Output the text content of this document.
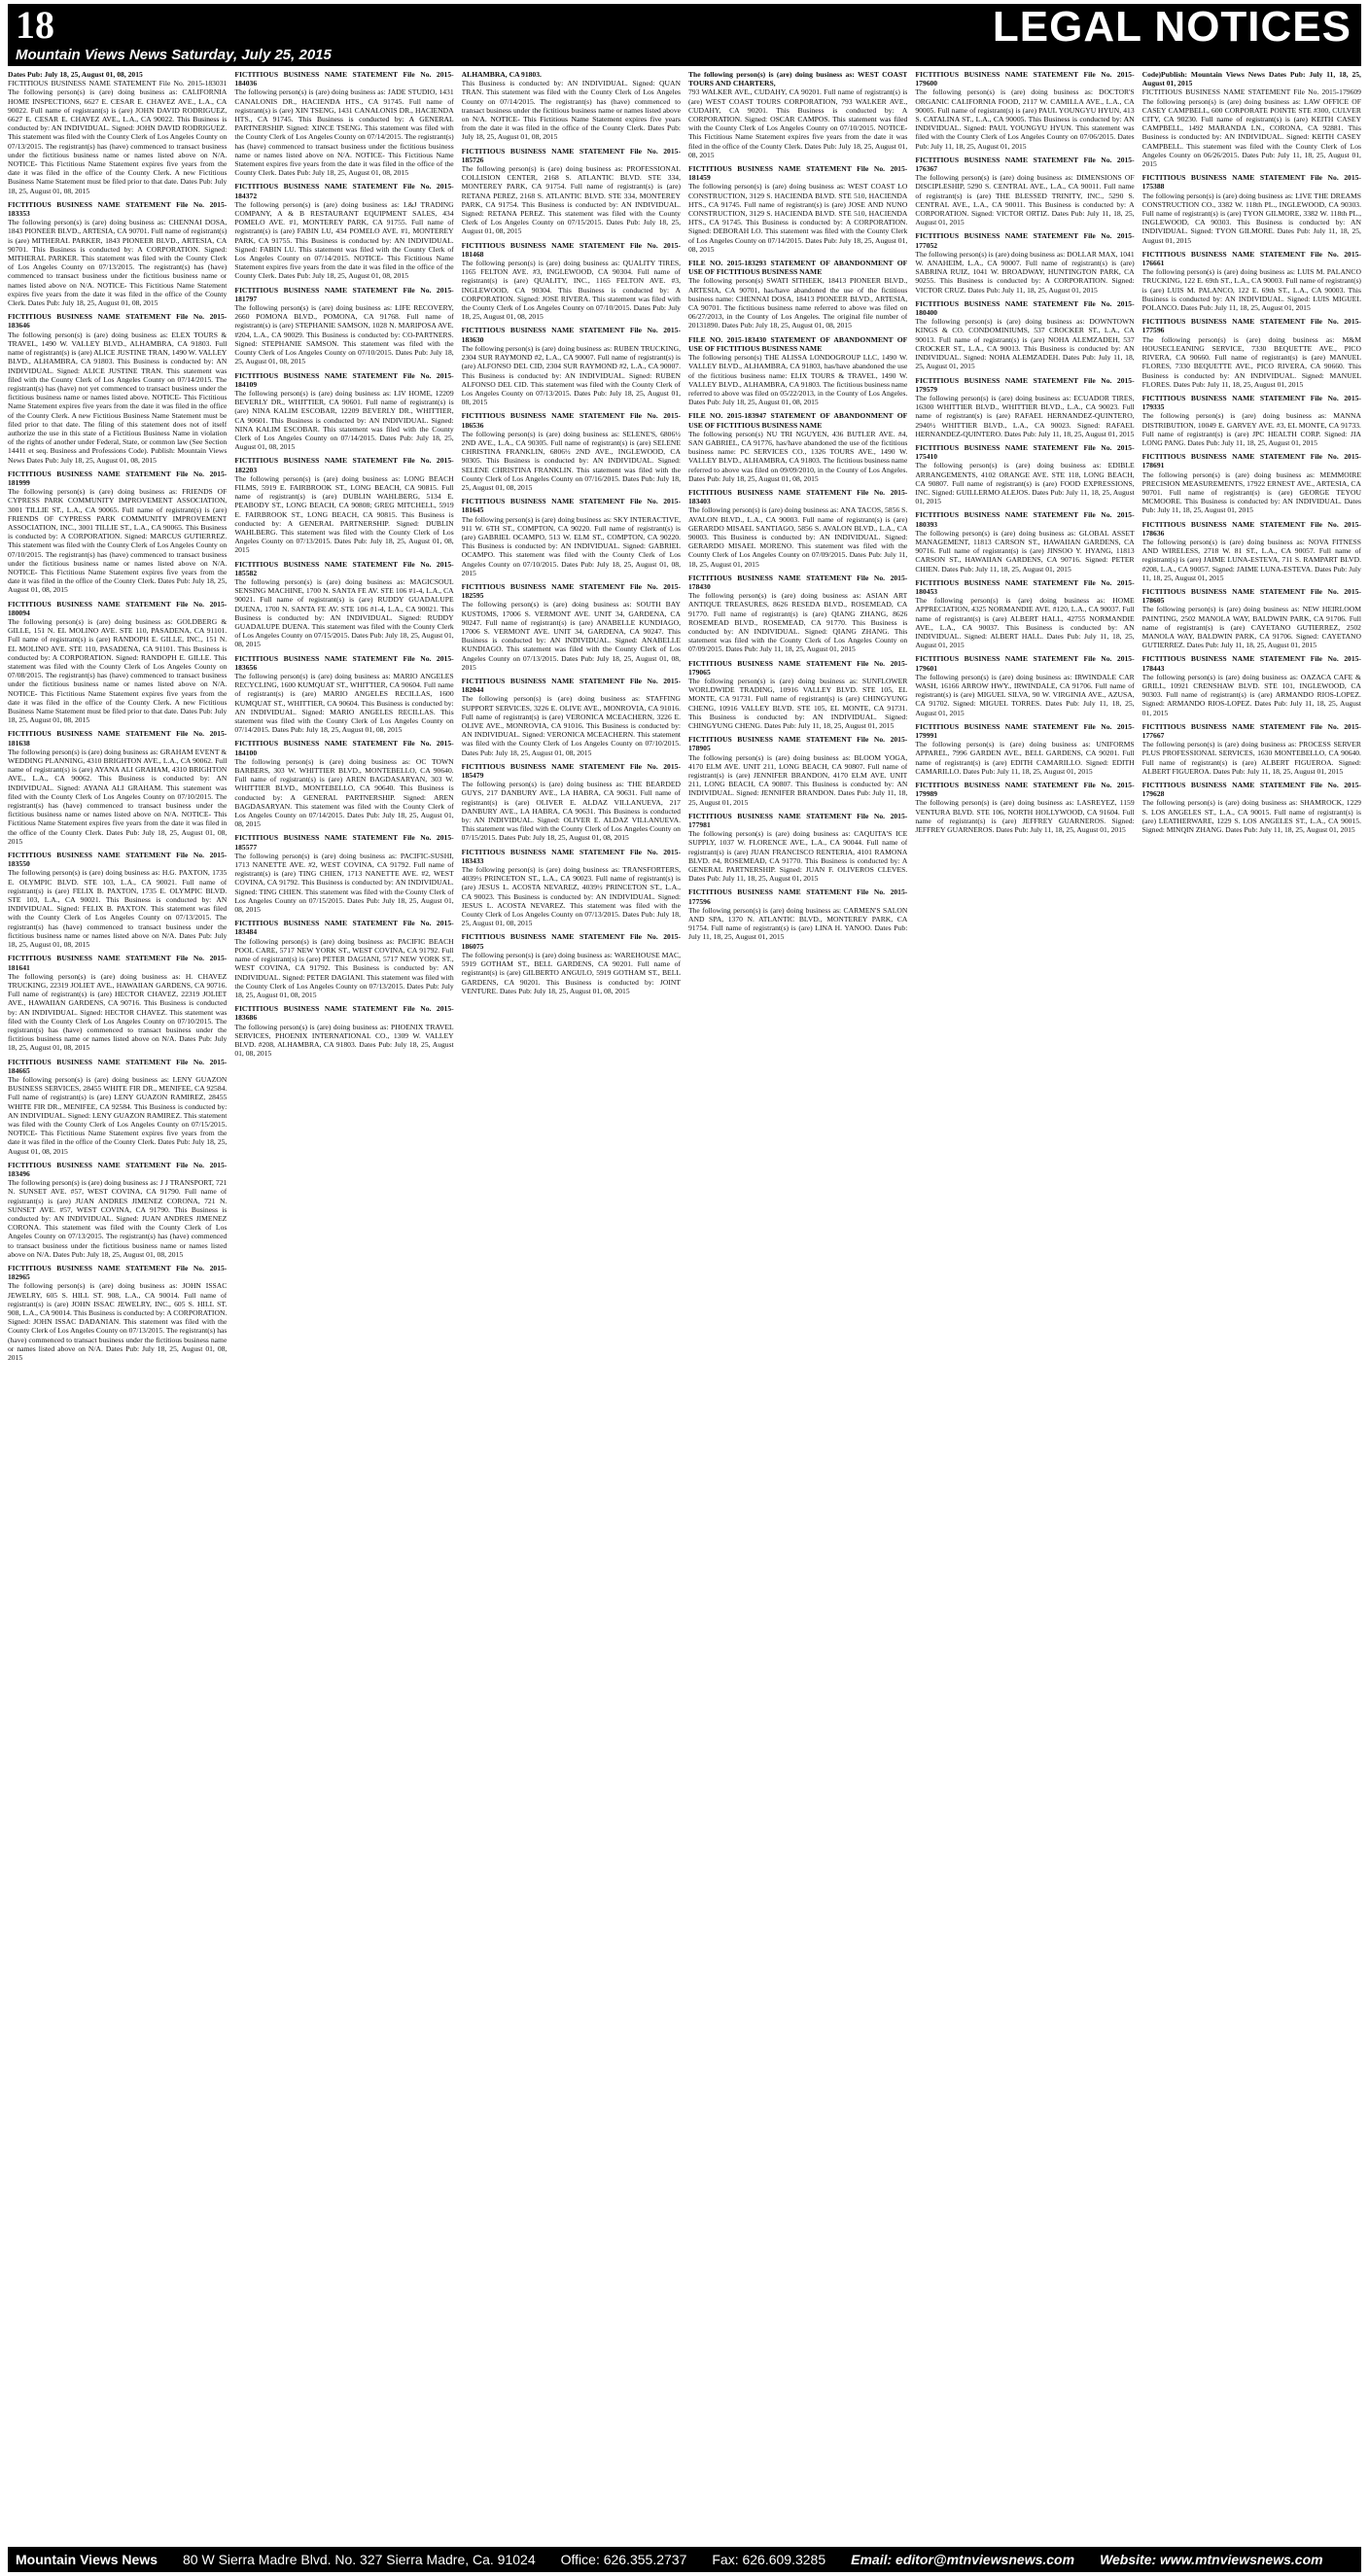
18	LEGAL NOTICES
Mountain Views News Saturday, July 25, 2015

Dates Pub: July 18, 25, August 01, 08, 2015

FICTITIOUS BUSINESS NAME STATEMENT File No. 2015-183031 The following person(s) is (are) doing business as: CALIFORNIA HOME INSPECTIONS, 6627 E. CESAR E. CHAVEZ AVE., L.A., CA 90022. Full name of registrant(s) is (are) JOHN DAVID RODRIGUEZ, 6627 E. CESAR E. CHAVEZ AVE., L.A., CA 90022. This Business is conducted by: AN INDIVIDUAL. Signed: JOHN DAVID RODRIGUEZ. This statement was filed with the County Clerk of Los Angeles County on 07/13/2015. The registrant(s) has (have) commenced to transact business under the fictitious business name or names listed above on N/A. NOTICE- This Fictitious Name Statement expires five years from the date it was filed in the office of the County Clerk. A new Fictitious Business Name Statement must be filed prior to that date. Dates Pub: July 18, 25, August 01, 08, 2015

FICTITIOUS BUSINESS NAME STATEMENT File No. 2015-183353

The following person(s) is (are) doing business as: CHENNAI DOSA, 1843 PIONEER BLVD., ARTESIA, CA 90701. Full name of registrant(s) is (are) MITHERAL PARKER, 1843 PIONEER BLVD., ARTESIA, CA 90701. This Business is conducted by: A CORPORATION. Signed: MITHERAL PARKER. This statement was filed with the County Clerk of Los Angeles County on 07/13/2015. The registrant(s) has (have) commenced to transact business under the fictitious business name or names listed above on N/A. NOTICE- This Fictitious Name Statement expires five years from the date it was filed in the office of the County Clerk. Dates Pub: July 18, 25, August 01, 08, 2015

FICTITIOUS BUSINESS NAME STATEMENT File No. 2015-183646

The following person(s) is (are) doing business as: ELEX TOURS & TRAVEL, 1490 W. VALLEY BLVD., ALHAMBRA, CA 91803. Full name of registrant(s) is (are) ALICE JUSTINE TRAN, 1490 W. VALLEY BLVD., ALHAMBRA, CA 91803. This Business is conducted by: AN INDIVIDUAL. Signed: ALICE JUSTINE TRAN. This statement was filed with the County Clerk of Los Angeles County on 07/14/2015. The registrant(s) has (have) not yet commenced to transact business under the fictitious business name or names listed above. NOTICE- This Fictitious Name Statement expires five years from the date it was filed in the office of the County Clerk. A new Fictitious Business Name Statement must be filed prior to that date. The filing of this statement does not of itself authorize the use in this state of a Fictitious Business Name in violation of the rights of another under Federal, State, or common law (See Section 14411 et seq. Business and Professions Code). Publish: Mountain Views News Dates Pub: July 18, 25, August 01, 08, 2015

FICTITIOUS BUSINESS NAME STATEMENT File No. 2015-181999

The following person(s) is (are) doing business as: FRIENDS OF CYPRESS PARK COMMUNITY IMPROVEMENT ASSOCIATION, 3001 TILLIE ST., L.A., CA 90065. Full name of registrant(s) is (are) FRIENDS OF CYPRESS PARK COMMUNITY IMPROVEMENT ASSOCIATION, INC., 3001 TILLIE ST., L.A., CA 90065. This Business is conducted by: A CORPORATION. Signed: MARCUS GUTIERREZ. This statement was filed with the County Clerk of Los Angeles County on 07/10/2015. The registrant(s) has (have) commenced to transact business under the fictitious business name or names listed above on N/A. NOTICE- This Fictitious Name Statement expires five years from the date it was filed in the office of the County Clerk. Dates Pub: July 18, 25, August 01, 08, 2015

FICTITIOUS BUSINESS NAME STATEMENT File No. 2015-180094

The following person(s) is (are) doing business as: GOLDBERG & GILLE, 151 N. EL MOLINO AVE. STE 110, PASADENA, CA 91101. Full name of registrant(s) is (are) RANDOPH E. GILLE, INC., 151 N. EL MOLINO AVE. STE 110, PASADENA, CA 91101. This Business is conducted by: A CORPORATION. Signed: RANDOPH E. GILLE. This statement was filed with the County Clerk of Los Angeles County on 07/08/2015. The registrant(s) has (have) commenced to transact business under the fictitious business name or names listed above on N/A. NOTICE- This Fictitious Name Statement expires five years from the date it was filed in the office of the County Clerk. A new Fictitious Business Name Statement must be filed prior to that date. Dates Pub: July 18, 25, August 01, 08, 2015

FICTITIOUS BUSINESS NAME STATEMENT File No. 2015-181638

The following person(s) is (are) doing business as: GRAHAM EVENT & WEDDING PLANNING, 4310 BRIGHTON AVE., L.A., CA 90062. Full name of registrant(s) is (are) AYANA ALI GRAHAM, 4310 BRIGHTON AVE., L.A., CA 90062. This Business is conducted by: AN INDIVIDUAL. Signed: AYANA ALI GRAHAM. This statement was filed with the County Clerk of Los Angeles County on 07/10/2015. The registrant(s) has (have) commenced to transact business under the fictitious business name or names listed above on N/A. NOTICE- This Fictitious Name Statement expires five years from the date it was filed in the office of the County Clerk. Dates Pub: July 18, 25, August 01, 08, 2015

FICTITIOUS BUSINESS NAME STATEMENT File No. 2015-183550

The following person(s) is (are) doing business as: H.G. PAXTON, 1735 E. OLYMPIC BLVD. STE 103, L.A., CA 90021. Full name of registrant(s) is (are) FELIX B. PAXTON, 1735 E. OLYMPIC BLVD. STE 103, L.A., CA 90021. This Business is conducted by: AN INDIVIDUAL. Signed: FELIX B. PAXTON. This statement was filed with the County Clerk of Los Angeles County on 07/13/2015. The registrant(s) has (have) commenced to transact business under the fictitious business name or names listed above on N/A. Dates Pub: July 18, 25, August 01, 08, 2015

FICTITIOUS BUSINESS NAME STATEMENT File No. 2015-181641

The following person(s) is (are) doing business as: H. CHAVEZ TRUCKING, 22319 JOLIET AVE., HAWAIIAN GARDENS, CA 90716. Full name of registrant(s) is (are) HECTOR CHAVEZ, 22319 JOLIET AVE., HAWAIIAN GARDENS, CA 90716. This Business is conducted by: AN INDIVIDUAL. Signed: HECTOR CHAVEZ. This statement was filed with the County Clerk of Los Angeles County on 07/10/2015. The registrant(s) has (have) commenced to transact business under the fictitious business name or names listed above on N/A. Dates Pub: July 18, 25, August 01, 08, 2015

FICTITIOUS BUSINESS NAME STATEMENT File No. 2015-184665

The following person(s) is (are) doing business as: LENY GUAZON BUSINESS SERVICES, 28455 WHITE FIR DR., MENIFEE, CA 92584. Full name of registrant(s) is (are) LENY GUAZON RAMIREZ, 28455 WHITE FIR DR., MENIFEE, CA 92584. This Business is conducted by: AN INDIVIDUAL. Signed: LENY GUAZON RAMIREZ. This statement was filed with the County Clerk of Los Angeles County on 07/15/2015. NOTICE- This Fictitious Name Statement expires five years from the date it was filed in the office of the County Clerk. Dates Pub: July 18, 25, August 01, 08, 2015

FICTITIOUS BUSINESS NAME STATEMENT File No. 2015-183496

The following person(s) is (are) doing business as: J J TRANSPORT, 721 N. SUNSET AVE. #57, WEST COVINA, CA 91790. Full name of registrant(s) is (are) JUAN ANDRES JIMENEZ CORONA, 721 N. SUNSET AVE. #57, WEST COVINA, CA 91790. This Business is conducted by: AN INDIVIDUAL. Signed: JUAN ANDRES JIMENEZ CORONA. This statement was filed with the County Clerk of Los Angeles County on 07/13/2015. The registrant(s) has (have) commenced to transact business under the fictitious business name or names listed above on N/A. Dates Pub: July 18, 25, August 01, 08, 2015

FICTITIOUS BUSINESS NAME STATEMENT File No. 2015-182965

The following person(s) is (are) doing business as: JOHN ISSAC JEWELRY, 605 S. HILL ST. 908, L.A., CA 90014. Full name of registrant(s) is (are) JOHN ISSAC JEWELRY, INC., 605 S. HILL ST. 908, L.A., CA 90014. This Business is conducted by: A CORPORATION. Signed: JOHN ISSAC DADANIAN. This statement was filed with the County Clerk of Los Angeles County on 07/13/2015. The registrant(s) has (have) commenced to transact business under the fictitious business name or names listed above on N/A. Dates Pub: July 18, 25, August 01, 08, 2015

FICTITIOUS BUSINESS NAME STATEMENT File No. 2015-184036

The following person(s) is (are) doing business as: JADE STUDIO, 1431 CANALONIS DR., HACIENDA HTS., CA 91745. Full name of registrant(s) is (are) XIN TSENG, 1431 CANALONIS DR., HACIENDA HTS., CA 91745. This Business is conducted by: A GENERAL PARTNERSHIP. Signed: XINCE TSENG. This statement was filed with the County Clerk of Los Angeles County on 07/14/2015. The registrant(s) has (have) commenced to transact business under the fictitious business name or names listed above on N/A. NOTICE- This Fictitious Name Statement expires five years from the date it was filed in the office of the County Clerk. Dates Pub: July 18, 25, August 01, 08, 2015

FICTITIOUS BUSINESS NAME STATEMENT File No. 2015-184372

The following person(s) is (are) doing business as: L&J TRADING COMPANY, A & B RESTAURANT EQUIPMENT SALES, 434 POMELO AVE. #1, MONTEREY PARK, CA 91755. Full name of registrant(s) is (are) FABIN LU, 434 POMELO AVE. #1, MONTEREY PARK, CA 91755. This Business is conducted by: AN INDIVIDUAL. Signed: FABIN LU. This statement was filed with the County Clerk of Los Angeles County on 07/14/2015. NOTICE- This Fictitious Name Statement expires five years from the date it was filed in the office of the County Clerk. Dates Pub: July 18, 25, August 01, 08, 2015

FICTITIOUS BUSINESS NAME STATEMENT File No. 2015-181797

The following person(s) is (are) doing business as: LIFE RECOVERY, 2660 POMONA BLVD., POMONA, CA 91768. Full name of registrant(s) is (are) STEPHANIE SAMSON, 1028 N. MARIPOSA AVE. #204, L.A., CA 90029. This Business is conducted by: CO-PARTNERS. Signed: STEPHANIE SAMSON. This statement was filed with the County Clerk of Los Angeles County on 07/10/2015. Dates Pub: July 18, 25, August 01, 08, 2015

FICTITIOUS BUSINESS NAME STATEMENT File No. 2015-184109

The following person(s) is (are) doing business as: LIV HOME, 12209 BEVERLY DR., WHITTIER, CA 90601. Full name of registrant(s) is (are) NINA KALIM ESCOBAR, 12209 BEVERLY DR., WHITTIER, CA 90601. This Business is conducted by: AN INDIVIDUAL. Signed: NINA KALIM ESCOBAR. This statement was filed with the County Clerk of Los Angeles County on 07/14/2015. Dates Pub: July 18, 25, August 01, 08, 2015

FICTITIOUS BUSINESS NAME STATEMENT File No. 2015-182203

The following person(s) is (are) doing business as: LONG BEACH FILMS, 5919 E. FAIRBROOK ST., LONG BEACH, CA 90815. Full name of registrant(s) is (are) DUBLIN WAHLBERG, 5134 E. PEABODY ST., LONG BEACH, CA 90808; GREG MITCHELL, 5919 E. FAIRBROOK ST., LONG BEACH, CA 90815. This Business is conducted by: A GENERAL PARTNERSHIP. Signed: DUBLIN WAHLBERG. This statement was filed with the County Clerk of Los Angeles County on 07/13/2015. Dates Pub: July 18, 25, August 01, 08, 2015

FICTITIOUS BUSINESS NAME STATEMENT File No. 2015-185582

The following person(s) is (are) doing business as: MAGICSOUL SENSING MACHINE, 1700 N. SANTA FE AV. STE 106 #1-4, L.A., CA 90021. Full name of registrant(s) is (are) RUDDY GUADALUPE DUENA, 1700 N. SANTA FE AV. STE 106 #1-4, L.A., CA 90021. This Business is conducted by: AN INDIVIDUAL. Signed: RUDDY GUADALUPE DUENA. This statement was filed with the County Clerk of Los Angeles County on 07/15/2015. Dates Pub: July 18, 25, August 01, 08, 2015

FICTITIOUS BUSINESS NAME STATEMENT File No. 2015-183656

The following person(s) is (are) doing business as: MARIO ANGELES RECYCLING, 1600 KUMQUAT ST., WHITTIER, CA 90604. Full name of registrant(s) is (are) MARIO ANGELES RECILLAS, 1600 KUMQUAT ST., WHITTIER, CA 90604. This Business is conducted by: AN INDIVIDUAL. Signed: MARIO ANGELES RECILLAS. This statement was filed with the County Clerk of Los Angeles County on 07/14/2015. Dates Pub: July 18, 25, August 01, 08, 2015

FICTITIOUS BUSINESS NAME STATEMENT File No. 2015-184100

The following person(s) is (are) doing business as: OC TOWN BARBERS, 303 W. WHITTIER BLVD., MONTEBELLO, CA 90640. Full name of registrant(s) is (are) AREN BAGDASARYAN, 303 W. WHITTIER BLVD., MONTEBELLO, CA 90640. This Business is conducted by: A GENERAL PARTNERSHIP. Signed: AREN BAGDASARYAN. This statement was filed with the County Clerk of Los Angeles County on 07/14/2015. Dates Pub: July 18, 25, August 01, 08, 2015

FICTITIOUS BUSINESS NAME STATEMENT File No. 2015-185577

The following person(s) is (are) doing business as: PACIFIC-SUSHI, 1713 NANETTE AVE. #2, WEST COVINA, CA 91792. Full name of registrant(s) is (are) TING CHIEN, 1713 NANETTE AVE. #2, WEST COVINA, CA 91792. This Business is conducted by: AN INDIVIDUAL. Signed: TING CHIEN. This statement was filed with the County Clerk of Los Angeles County on 07/15/2015. Dates Pub: July 18, 25, August 01, 08, 2015

FICTITIOUS BUSINESS NAME STATEMENT File No. 2015-183484

The following person(s) is (are) doing business as: PACIFIC BEACH POOL CARE, 5717 NEW YORK ST., WEST COVINA, CA 91792. Full name of registrant(s) is (are) PETER DAGIANI, 5717 NEW YORK ST., WEST COVINA, CA 91792. This Business is conducted by: AN INDIVIDUAL. Signed: PETER DAGIANI. This statement was filed with the County Clerk of Los Angeles County on 07/13/2015. Dates Pub: July 18, 25, August 01, 08, 2015

FICTITIOUS BUSINESS NAME STATEMENT File No. 2015-183686

The following person(s) is (are) doing business as: PHOENIX TRAVEL SERVICES, PHOENIX INTERNATIONAL CO., 1309 W. VALLEY BLVD. #208, ALHAMBRA, CA 91803. Dates Pub: July 18, 25, August 01, 08, 2015

ALHAMBRA, CA 91803.

This Business is conducted by: AN INDIVIDUAL. Signed: QUAN TRAN. This statement was filed with the County Clerk of Los Angeles County on 07/14/2015. The registrant(s) has (have) commenced to transact business under the fictitious business name or names listed above on N/A. NOTICE- This Fictitious Name Statement expires five years from the date it was filed in the office of the County Clerk. Dates Pub: July 18, 25, August 01, 08, 2015

FICTITIOUS BUSINESS NAME STATEMENT File No. 2015-185726

The following person(s) is (are) doing business as: PROFESSIONAL COLLISION CENTER, 2168 S. ATLANTIC BLVD. STE 334, MONTEREY PARK, CA 91754. Full name of registrant(s) is (are) RETANA PEREZ, 2168 S. ATLANTIC BLVD. STE 334, MONTEREY PARK, CA 91754. This Business is conducted by: AN INDIVIDUAL. Signed: RETANA PEREZ. This statement was filed with the County Clerk of Los Angeles County on 07/15/2015. Dates Pub: July 18, 25, August 01, 08, 2015

FICTITIOUS BUSINESS NAME STATEMENT File No. 2015-181468

The following person(s) is (are) doing business as: QUALITY TIRES, 1165 FELTON AVE. #3, INGLEWOOD, CA 90304. Full name of registrant(s) is (are) QUALITY, INC., 1165 FELTON AVE. #3, INGLEWOOD, CA 90304. This Business is conducted by: A CORPORATION. Signed: JOSE RIVERA. This statement was filed with the County Clerk of Los Angeles County on 07/10/2015. Dates Pub: July 18, 25, August 01, 08, 2015

FICTITIOUS BUSINESS NAME STATEMENT File No. 2015-183630

The following person(s) is (are) doing business as: RUBEN TRUCKING, 2304 SUR RAYMOND #2, L.A., CA 90007. Full name of registrant(s) is (are) ALFONSO DEL CID, 2304 SUR RAYMOND #2, L.A., CA 90007. This Business is conducted by: AN INDIVIDUAL. Signed: RUBEN ALFONSO DEL CID. This statement was filed with the County Clerk of Los Angeles County on 07/13/2015. Dates Pub: July 18, 25, August 01, 08, 2015

FICTITIOUS BUSINESS NAME STATEMENT File No. 2015-186536

The following person(s) is (are) doing business as: SELENE'S, 6806½ 2ND AVE., L.A., CA 90305. Full name of registrant(s) is (are) SELENE CHRISTINA FRANKLIN, 6806½ 2ND AVE., INGLEWOOD, CA 90305. This Business is conducted by: AN INDIVIDUAL. Signed: SELENE CHRISTINA FRANKLIN. This statement was filed with the County Clerk of Los Angeles County on 07/16/2015. Dates Pub: July 18, 25, August 01, 08, 2015

FICTITIOUS BUSINESS NAME STATEMENT File No. 2015-181645

The following person(s) is (are) doing business as: SKY INTERACTIVE, 911 W. 6TH ST., COMPTON, CA 90220. Full name of registrant(s) is (are) GABRIEL OCAMPO, 513 W. ELM ST., COMPTON, CA 90220. This Business is conducted by: AN INDIVIDUAL. Signed: GABRIEL OCAMPO. This statement was filed with the County Clerk of Los Angeles County on 07/10/2015. Dates Pub: July 18, 25, August 01, 08, 2015

FICTITIOUS BUSINESS NAME STATEMENT File No. 2015-182595

The following person(s) is (are) doing business as: SOUTH BAY KUSTOMS, 17006 S. VERMONT AVE. UNIT 34, GARDENA, CA 90247. Full name of registrant(s) is (are) ANABELLE KUNDIAGO, 17006 S. VERMONT AVE. UNIT 34, GARDENA, CA 90247. This Business is conducted by: AN INDIVIDUAL. Signed: ANABELLE KUNDIAGO. This statement was filed with the County Clerk of Los Angeles County on 07/13/2015. Dates Pub: July 18, 25, August 01, 08, 2015

FICTITIOUS BUSINESS NAME STATEMENT File No. 2015-182044

The following person(s) is (are) doing business as: STAFFING SUPPORT SERVICES, 3226 E. OLIVE AVE., MONROVIA, CA 91016. Full name of registrant(s) is (are) VERONICA MCEACHERN, 3226 E. OLIVE AVE., MONROVIA, CA 91016. This Business is conducted by: AN INDIVIDUAL. Signed: VERONICA MCEACHERN. This statement was filed with the County Clerk of Los Angeles County on 07/10/2015. Dates Pub: July 18, 25, August 01, 08, 2015

FICTITIOUS BUSINESS NAME STATEMENT File No. 2015-185479

The following person(s) is (are) doing business as: THE BEARDED GUYS, 217 DANBURY AVE., LA HABRA, CA 90631. Full name of registrant(s) is (are) OLIVER E. ALDAZ VILLANUEVA, 217 DANBURY AVE., LA HABRA, CA 90631. This Business is conducted by: AN INDIVIDUAL. Signed: OLIVER E. ALDAZ VILLANUEVA. This statement was filed with the County Clerk of Los Angeles County on 07/15/2015. Dates Pub: July 18, 25, August 01, 08, 2015

FICTITIOUS BUSINESS NAME STATEMENT File No. 2015-183433

The following person(s) is (are) doing business as: TRANSFORTERS, 4039½ PRINCETON ST., L.A., CA 90023. Full name of registrant(s) is (are) JESUS L. ACOSTA NEVAREZ, 4039½ PRINCETON ST., L.A., CA 90023. This Business is conducted by: AN INDIVIDUAL. Signed: JESUS L. ACOSTA NEVAREZ. This statement was filed with the County Clerk of Los Angeles County on 07/13/2015. Dates Pub: July 18, 25, August 01, 08, 2015

FICTITIOUS BUSINESS NAME STATEMENT File No. 2015-186075

The following person(s) is (are) doing business as: WAREHOUSE MAC, 5919 GOTHAM ST., BELL GARDENS, CA 90201. Full name of registrant(s) is (are) GILBERTO ANGULO, 5919 GOTHAM ST., BELL GARDENS, CA 90201. This Business is conducted by: JOINT VENTURE. Dates Pub: July 18, 25, August 01, 08, 2015

The following person(s) is (are) doing business as: WEST COAST TOURS AND CHARTERS,

793 WALKER AVE., CUDAHY, CA 90201. Full name of registrant(s) is (are) WEST COAST TOURS CORPORATION, 793 WALKER AVE., CUDAHY, CA 90201. This Business is conducted by: A CORPORATION. Signed: OSCAR CAMPOS. This statement was filed with the County Clerk of Los Angeles County on 07/10/2015. NOTICE- This Fictitious Name Statement expires five years from the date it was filed in the office of the County Clerk. Dates Pub: July 18, 25, August 01, 08, 2015

FICTITIOUS BUSINESS NAME STATEMENT File No. 2015-181459

The following person(s) is (are) doing business as: WEST COAST LO CONSTRUCTION, 3129 S. HACIENDA BLVD. STE 510, HACIENDA HTS., CA 91745. Full name of registrant(s) is (are) JOSE AND NUNO CONSTRUCTION, 3129 S. HACIENDA BLVD. STE 510, HACIENDA HTS., CA 91745. This Business is conducted by: A CORPORATION. Signed: DEBORAH LO. This statement was filed with the County Clerk of Los Angeles County on 07/14/2015. Dates Pub: July 18, 25, August 01, 08, 2015

FILE NO. 2015-183293 STATEMENT OF ABANDONMENT OF USE OF FICTITIOUS BUSINESS NAME

The following person(s) SWATI SITHEEK, 18413 PIONEER BLVD., ARTESIA, CA 90701, has/have abandoned the use of the fictitious business name: CHENNAI DOSA, 18413 PIONEER BLVD., ARTESIA, CA 90701. The fictitious business name referred to above was filed on 06/27/2013, in the County of Los Angeles. The original file number of 20131890. Dates Pub: July 18, 25, August 01, 08, 2015

FILE NO. 2015-183430 STATEMENT OF ABANDONMENT OF USE OF FICTITIOUS BUSINESS NAME

The following person(s) THE ALISSA LONDOGROUP LLC, 1490 W. VALLEY BLVD., ALHAMBRA, CA 91803, has/have abandoned the use of the fictitious business name: ELIX TOURS & TRAVEL, 1490 W. VALLEY BLVD., ALHAMBRA, CA 91803. The fictitious business name referred to above was filed on 05/22/2013, in the County of Los Angeles. Dates Pub: July 18, 25, August 01, 08, 2015

FILE NO. 2015-183947 STATEMENT OF ABANDONMENT OF USE OF FICTITIOUS BUSINESS NAME

The following person(s) NU TRI NGUYEN, 436 BUTLER AVE. #4, SAN GABRIEL, CA 91776, has/have abandoned the use of the fictitious business name: PC SERVICES CO., 1326 TOURS AVE., 1490 W. VALLEY BLVD., ALHAMBRA, CA 91803. The fictitious business name referred to above was filed on 09/09/2010, in the County of Los Angeles. Dates Pub: July 18, 25, August 01, 08, 2015

FICTITIOUS BUSINESS NAME STATEMENT File No. 2015-183403

The following person(s) is (are) doing business as: ANA TACOS, 5856 S. AVALON BLVD., L.A., CA 90003. Full name of registrant(s) is (are) GERARDO MISAEL SANTIAGO, 5856 S. AVALON BLVD., L.A., CA 90003. This Business is conducted by: AN INDIVIDUAL. Signed: GERARDO MISAEL MORENO. This statement was filed with the County Clerk of Los Angeles County on 07/09/2015. Dates Pub: July 11, 18, 25, August 01, 2015

FICTITIOUS BUSINESS NAME STATEMENT File No. 2015-178430

The following person(s) is (are) doing business as: ASIAN ART ANTIQUE TREASURES, 8626 RESEDA BLVD., ROSEMEAD, CA 91770. Full name of registrant(s) is (are) QIANG ZHANG, 8626 ROSEMEAD BLVD., ROSEMEAD, CA 91770. This Business is conducted by: AN INDIVIDUAL. Signed: QIANG ZHANG. This statement was filed with the County Clerk of Los Angeles County on 07/09/2015. Dates Pub: July 11, 18, 25, August 01, 2015

FICTITIOUS BUSINESS NAME STATEMENT File No. 2015-179065

The following person(s) is (are) doing business as: SUNFLOWER WORLDWIDE TRADING, 10916 VALLEY BLVD. STE 105, EL MONTE, CA 91731. Full name of registrant(s) is (are) CHINGYUNG CHENG, 10916 VALLEY BLVD. STE 105, EL MONTE, CA 91731. This Business is conducted by: AN INDIVIDUAL. Signed: CHINGYUNG CHENG. Dates Pub: July 11, 18, 25, August 01, 2015

FICTITIOUS BUSINESS NAME STATEMENT File No. 2015-178905

The following person(s) is (are) doing business as: BLOOM YOGA, 4170 ELM AVE. UNIT 211, LONG BEACH, CA 90807. Full name of registrant(s) is (are) JENNIFER BRANDON, 4170 ELM AVE. UNIT 211, LONG BEACH, CA 90807. This Business is conducted by: AN INDIVIDUAL. Signed: JENNIFER BRANDON. Dates Pub: July 11, 18, 25, August 01, 2015

FICTITIOUS BUSINESS NAME STATEMENT File No. 2015-177981

The following person(s) is (are) doing business as: CAQUITA'S ICE SUPPLY, 1037 W. FLORENCE AVE., L.A., CA 90044. Full name of registrant(s) is (are) JUAN FRANCISCO RENTERIA, 4101 RAMONA BLVD. #4, ROSEMEAD, CA 91770. This Business is conducted by: A GENERAL PARTNERSHIP. Signed: JUAN F. OLIVEROS CLEVES. Dates Pub: July 11, 18, 25, August 01, 2015

FICTITIOUS BUSINESS NAME STATEMENT File No. 2015-177596

The following person(s) is (are) doing business as: CARMEN'S SALON AND SPA, 1370 N. ATLANTIC BLVD., MONTEREY PARK, CA 91754. Full name of registrant(s) is (are) LINA H. YANOO. Dates Pub: July 11, 18, 25, August 01, 2015

FICTITIOUS BUSINESS NAME STATEMENT File No. 2015-179600

The following person(s) is (are) doing business as: DOCTOR'S ORGANIC CALIFORNIA FOOD, 2117 W. CAMILLA AVE., L.A., CA 90005. Full name of registrant(s) is (are) PAUL YOUNGYU HYUN, 413 S. CATALINA ST., L.A., CA 90005. This Business is conducted by: AN INDIVIDUAL. Signed: PAUL YOUNGYU HYUN. This statement was filed with the County Clerk of Los Angeles County on 07/06/2015. Dates Pub: July 11, 18, 25, August 01, 2015

FICTITIOUS BUSINESS NAME STATEMENT File No. 2015-176367

The following person(s) is (are) doing business as: DIMENSIONS OF DISCIPLESHIP, 5290 S. CENTRAL AVE., L.A., CA 90011. Full name of registrant(s) is (are) THE BLESSED TRINITY, INC., 5290 S. CENTRAL AVE., L.A., CA 90011. This Business is conducted by: A CORPORATION. Signed: VICTOR ORTIZ. Dates Pub: July 11, 18, 25, August 01, 2015

FICTITIOUS BUSINESS NAME STATEMENT File No. 2015-177052

The following person(s) is (are) doing business as: DOLLAR MAX, 1041 W. ANAHEIM, L.A., CA 90007. Full name of registrant(s) is (are) SABRINA RUIZ, 1041 W. BROADWAY, HUNTINGTON PARK, CA 90255. This Business is conducted by: A CORPORATION. Signed: VICTOR CRUZ. Dates Pub: July 11, 18, 25, August 01, 2015

FICTITIOUS BUSINESS NAME STATEMENT File No. 2015-180400

The following person(s) is (are) doing business as: DOWNTOWN KINGS & CO. CONDOMINIUMS, 537 CROCKER ST., L.A., CA 90013. Full name of registrant(s) is (are) NOHA ALEMZADEH, 537 CROCKER ST., L.A., CA 90013. This Business is conducted by: AN INDIVIDUAL. Signed: NOHA ALEMZADEH. Dates Pub: July 11, 18, 25, August 01, 2015

FICTITIOUS BUSINESS NAME STATEMENT File No. 2015-179579

The following person(s) is (are) doing business as: ECUADOR TIRES, 16300 WHITTIER BLVD., WHITTIER BLVD., L.A., CA 90023. Full name of registrant(s) is (are) RAFAEL HERNANDEZ-QUINTERO, 2940½ WHITTIER BLVD., L.A., CA 90023. Signed: RAFAEL HERNANDEZ-QUINTERO. Dates Pub: July 11, 18, 25, August 01, 2015

FICTITIOUS BUSINESS NAME STATEMENT File No. 2015-175410

The following person(s) is (are) doing business as: EDIBLE ARRANGEMENTS, 4102 ORANGE AVE. STE 118, LONG BEACH, CA 90807. Full name of registrant(s) is (are) FOOD EXPRESSIONS, INC. Signed: GUILLERMO ALEJOS. Dates Pub: July 11, 18, 25, August 01, 2015

FICTITIOUS BUSINESS NAME STATEMENT File No. 2015-180393

The following person(s) is (are) doing business as: GLOBAL ASSET MANAGEMENT, 11813 CARSON ST., HAWAIIAN GARDENS, CA 90716. Full name of registrant(s) is (are) JINSOO Y. HYANG, 11813 CARSON ST., HAWAIIAN GARDENS, CA 90716. Signed: PETER CHIEN. Dates Pub: July 11, 18, 25, August 01, 2015

FICTITIOUS BUSINESS NAME STATEMENT File No. 2015-180453

The following person(s) is (are) doing business as: HOME APPRECIATION, 4325 NORMANDIE AVE. #120, L.A., CA 90037. Full name of registrant(s) is (are) ALBERT HALL, 42755 NORMANDIE AVE., L.A., CA 90037. This Business is conducted by: AN INDIVIDUAL. Signed: ALBERT HALL. Dates Pub: July 11, 18, 25, August 01, 2015

FICTITIOUS BUSINESS NAME STATEMENT File No. 2015-179601

The following person(s) is (are) doing business as: IRWINDALE CAR WASH, 16166 ARROW HWY., IRWINDALE, CA 91706. Full name of registrant(s) is (are) MIGUEL SILVA, 90 W. VIRGINIA AVE., AZUSA, CA 91702. Signed: MIGUEL TORRES. Dates Pub: July 11, 18, 25, August 01, 2015

FICTITIOUS BUSINESS NAME STATEMENT File No. 2015-179991

The following person(s) is (are) doing business as: UNIFORMS APPAREL, 7996 GARDEN AVE., BELL GARDENS, CA 90201. Full name of registrant(s) is (are) EDITH CAMARILLO. Signed: EDITH CAMARILLO. Dates Pub: July 11, 18, 25, August 01, 2015

FICTITIOUS BUSINESS NAME STATEMENT File No. 2015-179989

The following person(s) is (are) doing business as: LASREYEZ, 1159 VENTURA BLVD. STE 106, NORTH HOLLYWOOD, CA 91604. Full name of registrant(s) is (are) JEFFREY GUARNEROS. Signed: JEFFREY GUARNEROS. Dates Pub: July 11, 18, 25, August 01, 2015

Code)Publish: Mountain Views News Dates Pub: July 11, 18, 25, August 01, 2015

FICTITIOUS BUSINESS NAME STATEMENT File No. 2015-179609 The following person(s) is (are) doing business as: LAW OFFICE OF CASEY CAMPBELL, 600 CORPORATE POINTE STE #300, CULVER CITY, CA 90230. Full name of registrant(s) is (are) KEITH CASEY CAMPBELL, 1492 MARANDA LN., CORONA, CA 92881. This Business is conducted by: AN INDIVIDUAL. Signed: KEITH CASEY CAMPBELL. This statement was filed with the County Clerk of Los Angeles County on 06/26/2015. Dates Pub: July 11, 18, 25, August 01, 2015

FICTITIOUS BUSINESS NAME STATEMENT File No. 2015-175388

The following person(s) is (are) doing business as: LIVE THE DREAMS CONSTRUCTION CO., 3382 W. 118th PL., INGLEWOOD, CA 90303. Full name of registrant(s) is (are) TYON GILMORE, 3382 W. 118th PL., INGLEWOOD, CA 90303. This Business is conducted by: AN INDIVIDUAL. Signed: TYON GILMORE. Dates Pub: July 11, 18, 25, August 01, 2015

FICTITIOUS BUSINESS NAME STATEMENT File No. 2015-176661

The following person(s) is (are) doing business as: LUIS M. PALANCO TRUCKING, 122 E. 69th ST., L.A., CA 90003. Full name of registrant(s) is (are) LUIS M. PALANCO, 122 E. 69th ST., L.A., CA 90003. This Business is conducted by: AN INDIVIDUAL. Signed: LUIS MIGUEL POLANCO. Dates Pub: July 11, 18, 25, August 01, 2015

FICTITIOUS BUSINESS NAME STATEMENT File No. 2015-177596

The following person(s) is (are) doing business as: M&M HOUSECLEANING SERVICE, 7330 BEQUETTE AVE., PICO RIVERA, CA 90660. Full name of registrant(s) is (are) MANUEL FLORES, 7330 BEQUETTE AVE., PICO RIVERA, CA 90660. This Business is conducted by: AN INDIVIDUAL. Signed: MANUEL FLORES. Dates Pub: July 11, 18, 25, August 01, 2015

FICTITIOUS BUSINESS NAME STATEMENT File No. 2015-179335

The following person(s) is (are) doing business as: MANNA DISTRIBUTION, 10049 E. GARVEY AVE. #3, EL MONTE, CA 91733. Full name of registrant(s) is (are) JPC HEALTH CORP. Signed: JIA LONG PANG. Dates Pub: July 11, 18, 25, August 01, 2015

FICTITIOUS BUSINESS NAME STATEMENT File No. 2015-178691

The following person(s) is (are) doing business as: MEMMOIRE PRECISION MEASUREMENTS, 17922 ERNEST AVE., ARTESIA, CA 90701. Full name of registrant(s) is (are) GEORGE TEYOU MCMOORE. This Business is conducted by: AN INDIVIDUAL. Dates Pub: July 11, 18, 25, August 01, 2015

FICTITIOUS BUSINESS NAME STATEMENT File No. 2015-178636

The following person(s) is (are) doing business as: NOVA FITNESS AND WIRELESS, 2718 W. 81 ST., L.A., CA 90057. Full name of registrant(s) is (are) JAIME LUNA-ESTEVA, 711 S. RAMPART BLVD. #208, L.A., CA 90057. Signed: JAIME LUNA-ESTEVA. Dates Pub: July 11, 18, 25, August 01, 2015

FICTITIOUS BUSINESS NAME STATEMENT File No. 2015-178605

The following person(s) is (are) doing business as: NEW HEIRLOOM PAINTING, 2502 MANOLA WAY, BALDWIN PARK, CA 91706. Full name of registrant(s) is (are) CAYETANO GUTIERREZ, 2502 MANOLA WAY, BALDWIN PARK, CA 91706. Signed: CAYETANO GUTIERREZ. Dates Pub: July 11, 18, 25, August 01, 2015

FICTITIOUS BUSINESS NAME STATEMENT File No. 2015-178443

The following person(s) is (are) doing business as: OAZACA CAFE & GRILL, 10921 CRENSHAW BLVD. STE 101, INGLEWOOD, CA 90303. Full name of registrant(s) is (are) ARMANDO RIOS-LOPEZ. Signed: ARMANDO RIOS-LOPEZ. Dates Pub: July 11, 18, 25, August 01, 2015

FICTITIOUS BUSINESS NAME STATEMENT File No. 2015-177667

The following person(s) is (are) doing business as: PROCESS SERVER PLUS PROFESSIONAL SERVICES, 1630 MONTEBELLO, CA 90640. Full name of registrant(s) is (are) ALBERT FIGUEROA. Signed: ALBERT FIGUEROA. Dates Pub: July 11, 18, 25, August 01, 2015

FICTITIOUS BUSINESS NAME STATEMENT File No. 2015-179628

The following person(s) is (are) doing business as: SHAMROCK, 1229 S. LOS ANGELES ST., L.A., CA 90015. Full name of registrant(s) is (are) LEATHERWARE, 1229 S. LOS ANGELES ST., L.A., CA 90015. Signed: MINQIN ZHANG. Dates Pub: July 11, 18, 25, August 01, 2015

Mountain Views News 80 W Sierra Madre Blvd. No. 327 Sierra Madre, Ca. 91024 Office: 626.355.2737 Fax: 626.609.3285 Email: editor@mtnviewsnews.com Website: www.mtnviewsnews.com
